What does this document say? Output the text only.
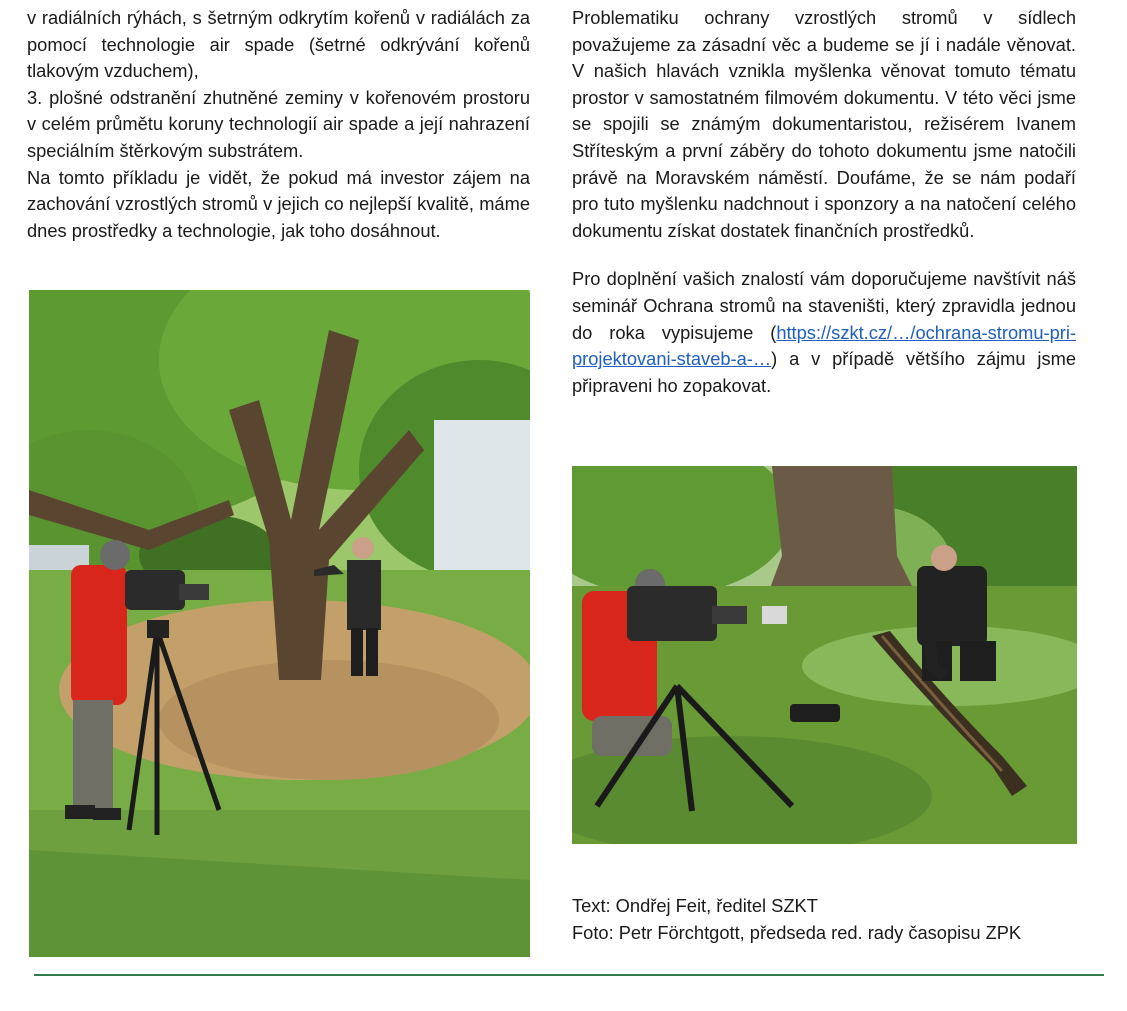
v radiálních rýhách, s šetrným odkrytím kořenů v radiálách za pomocí technologie air spade (šetrné odkrývání kořenů tlakovým vzduchem),

3. plošné odstranění zhutněné zeminy v kořenovém prostoru v celém průmětu koruny technologií air spade a její nahrazení speciálním štěrkovým substrátem.

Na tomto příkladu je vidět, že pokud má investor zájem na zachování vzrostlých stromů v jejich co nejlepší kvalitě, máme dnes prostředky a technologie, jak toho dosáhnout.

Problematiku ochrany vzrostlých stromů v sídlech považujeme za zásadní věc a budeme se jí i nadále věnovat. V našich hlavách vznikla myšlenka věnovat tomuto tématu prostor v samostatném filmovém dokumentu. V této věci jsme se spojili se známým dokumentaristou, režisérem Ivanem Stříteským a první záběry do tohoto dokumentu jsme natočili právě na Moravském náměstí. Doufáme, že se nám podaří pro tuto myšlenku nadchnout i sponzory a na natočení celého dokumentu získat dostatek finančních prostředků.

Pro doplnění vašich znalostí vám doporučujeme navštívit náš seminář Ochrana stromů na staveništi, který zpravidla jednou do roka vypisujeme (https://szkt.cz/…/ochrana-stromu-pri-projektovani-staveb-a-…) a v případě většího zájmu jsme připraveni ho zopakovat.

Text: Ondřej Feit, ředitel SZKT

Foto: Petr Förchtgott, předseda red. rady časopisu ZPK
